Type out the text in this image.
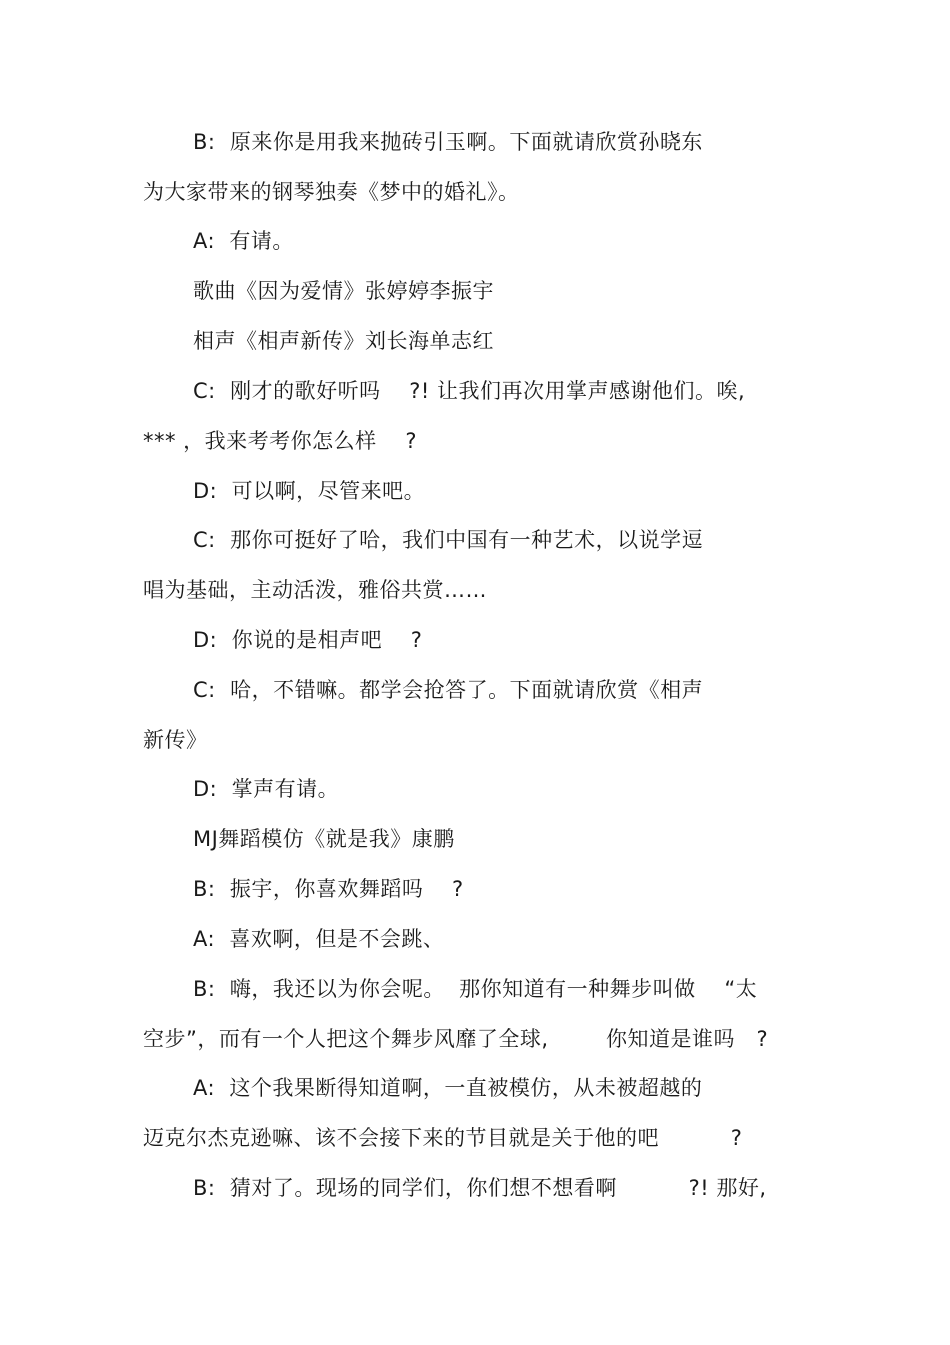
B:  原来你是用我来抛砖引玉啊。下面就请欣赏孙晓东
为大家带来的钢琴独奏《梦中的婚礼》。
A:  有请。
歌曲《因为爱情》张婷婷李振宇
相声《相声新传》刘长海单志红
C:  刚才的歌好听吗    ?! 让我们再次用掌声感谢他们。唉,
*** ，我来考考你怎么样    ?
D:  可以啊，尽管来吧。
C:  那你可挺好了哈，我们中国有一种艺术，以说学逗
唱为基础，主动活泼，雅俗共赏……
D:  你说的是相声吧    ?
C:  哈，不错嘛。都学会抢答了。下面就请欣赏《相声
新传》
D:  掌声有请。
MJ舞蹈模仿《就是我》康鹏
B:  振宇，你喜欢舞蹈吗    ?
A:  喜欢啊，但是不会跳、
B:  嗨，我还以为你会呢。  那你知道有一种舞步叫做    “太
空步”，而有一个人把这个舞步风靡了全球,        你知道是谁吗   ?
A:  这个我果断得知道啊，一直被模仿，从未被超越的
迈克尔杰克逊嘛、该不会接下来的节目就是关于他的吧          ?
B:  猜对了。现场的同学们，你们想不想看啊          ?! 那好,
